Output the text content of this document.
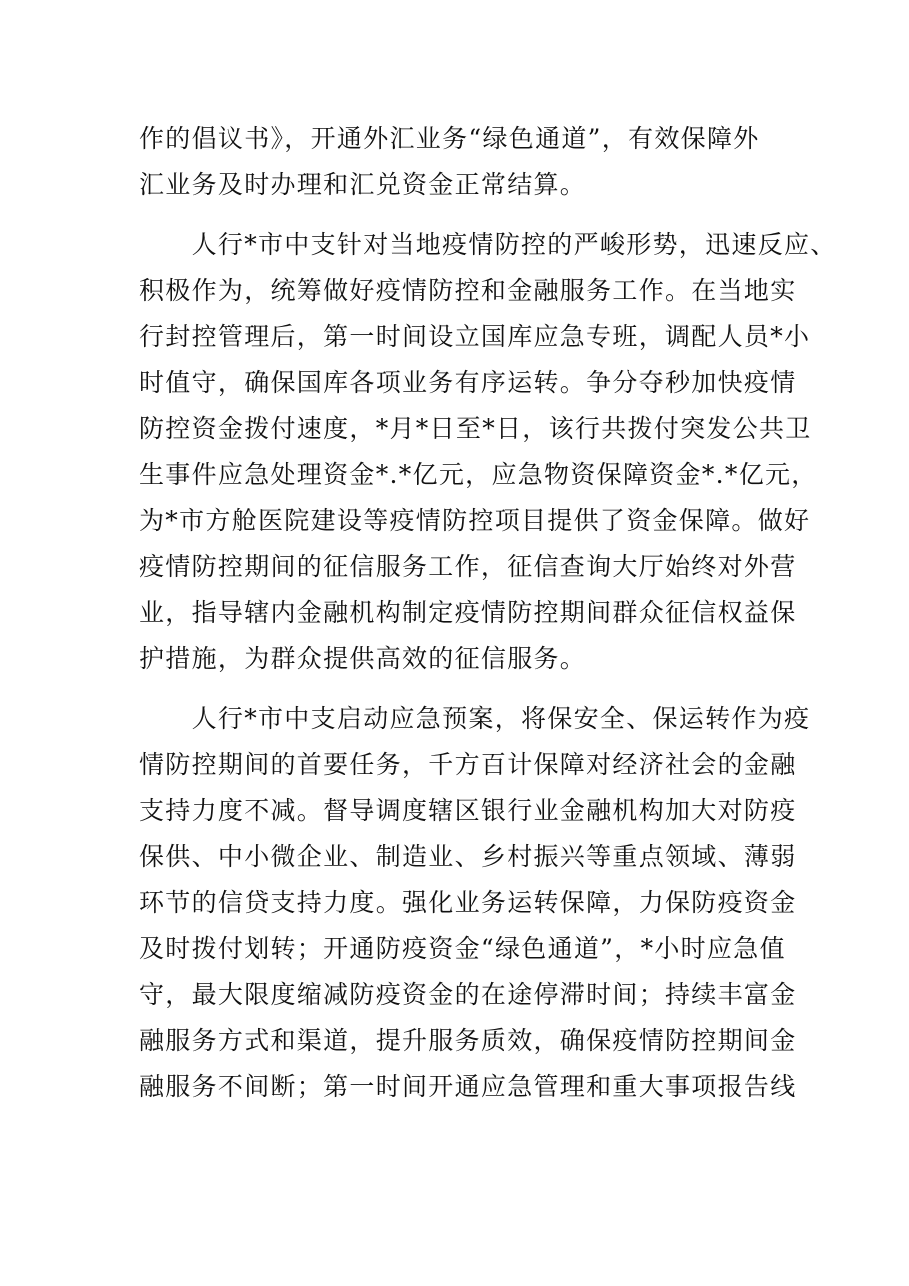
作的倡议书》，开通外汇业务“绿色通道”，有效保障外
汇业务及时办理和汇兑资金正常结算。
　　人行*市中支针对当地疫情防控的严峻形势，迅速反应、
积极作为，统筹做好疫情防控和金融服务工作。在当地实
行封控管理后，第一时间设立国库应急专班，调配人员*小
时值守，确保国库各项业务有序运转。争分夺秒加快疫情
防控资金拨付速度，*月*日至*日，该行共拨付突发公共卫
生事件应急处理资金*.*亿元，应急物资保障资金*.*亿元，
为*市方舱医院建设等疫情防控项目提供了资金保障。做好
疫情防控期间的征信服务工作，征信查询大厅始终对外营
业，指导辖内金融机构制定疫情防控期间群众征信权益保
护措施，为群众提供高效的征信服务。
　　人行*市中支启动应急预案，将保安全、保运转作为疫
情防控期间的首要任务，千方百计保障对经济社会的金融
支持力度不减。督导调度辖区银行业金融机构加大对防疫
保供、中小微企业、制造业、乡村振兴等重点领域、薄弱
环节的信贷支持力度。强化业务运转保障，力保防疫资金
及时拨付划转；开通防疫资金“绿色通道”，*小时应急值
守，最大限度缩减防疫资金的在途停滞时间；持续丰富金
融服务方式和渠道，提升服务质效，确保疫情防控期间金
融服务不间断；第一时间开通应急管理和重大事项报告线
